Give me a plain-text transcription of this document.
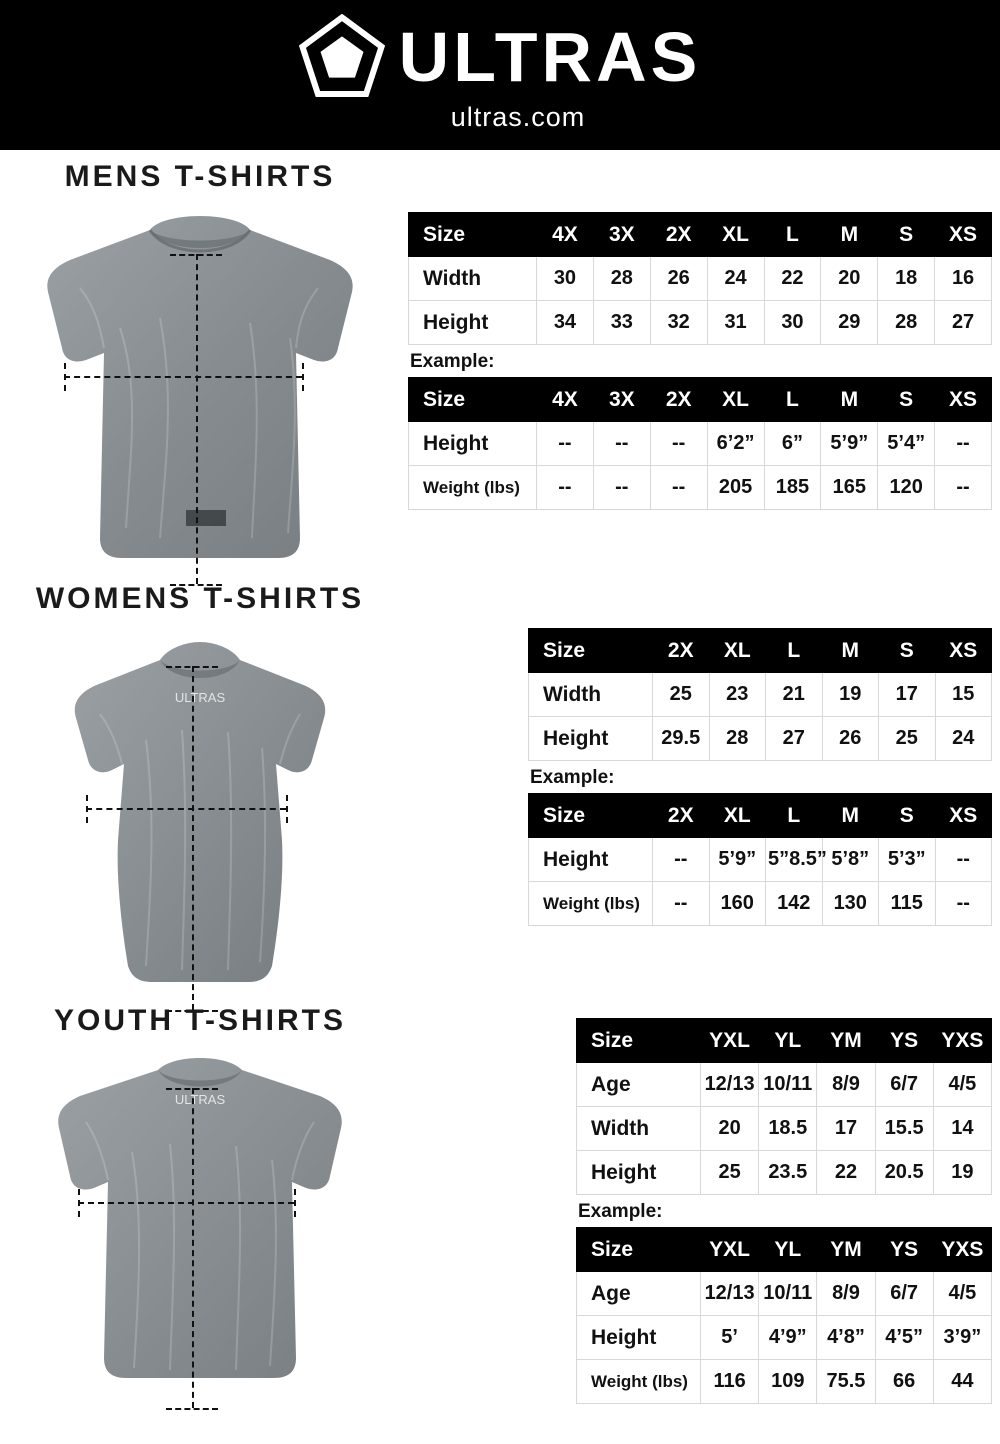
ULTRAS
ultras.com
MENS T-SHIRTS
Size	4X	3X	2X	XL	L	M	S	XS
Width	30	28	26	24	22	20	18	16
Height	34	33	32	31	30	29	28	27
Example:
Size	4X	3X	2X	XL	L	M	S	XS
Height	--	--	--	6’2”	6”	5’9”	5’4”	--
Weight (lbs)	--	--	--	205	185	165	120	--
WOMENS T-SHIRTS
ULTRAS
Size	2X	XL	L	M	S	XS
Width	25	23	21	19	17	15
Height	29.5	28	27	26	25	24
Example:
Size	2X	XL	L	M	S	XS
Height	--	5’9”	5”8.5”	5’8”	5’3”	--
Weight (lbs)	--	160	142	130	115	--
YOUTH T-SHIRTS
ULTRAS
Size	YXL	YL	YM	YS	YXS
Age	12/13	10/11	8/9	6/7	4/5
Width	20	18.5	17	15.5	14
Height	25	23.5	22	20.5	19
Example:
Size	YXL	YL	YM	YS	YXS
Age	12/13	10/11	8/9	6/7	4/5
Height	5’	4’9”	4’8”	4’5”	3’9”
Weight (lbs)	116	109	75.5	66	44
